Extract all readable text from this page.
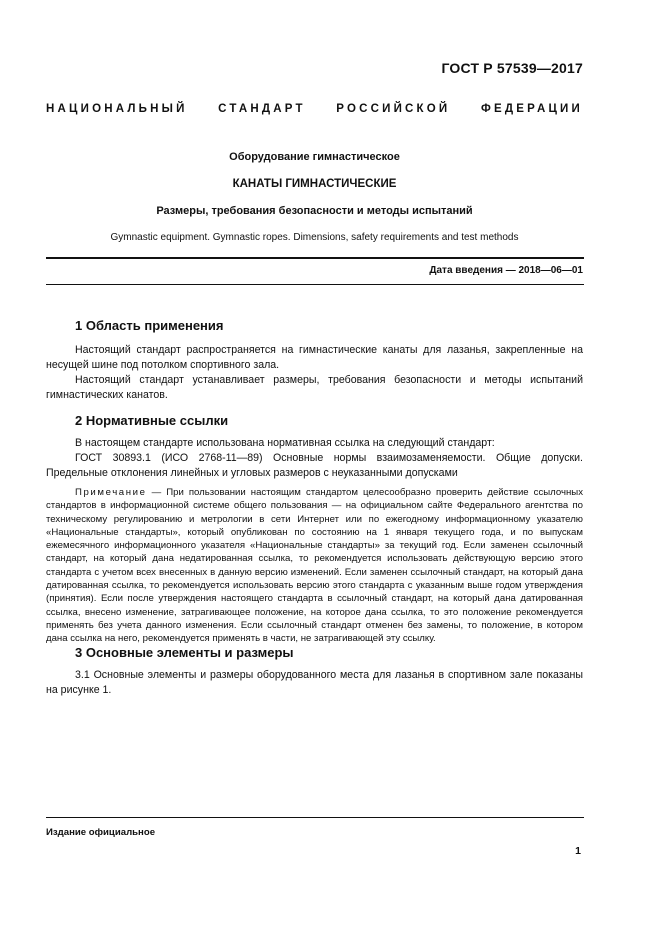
ГОСТ Р 57539—2017
НАЦИОНАЛЬНЫЙ СТАНДАРТ РОССИЙСКОЙ ФЕДЕРАЦИИ
Оборудование гимнастическое
КАНАТЫ ГИМНАСТИЧЕСКИЕ
Размеры, требования безопасности и методы испытаний
Gymnastic equipment. Gymnastic ropes. Dimensions, safety requirements and test methods
Дата введения — 2018—06—01
1 Область применения

Настоящий стандарт распространяется на гимнастические канаты для лазанья, закрепленные на несущей шине под потолком спортивного зала.

Настоящий стандарт устанавливает размеры, требования безопасности и методы испытаний гимнастических канатов.

2 Нормативные ссылки

В настоящем стандарте использована нормативная ссылка на следующий стандарт:

ГОСТ 30893.1 (ИСО 2768-11—89) Основные нормы взаимозаменяемости. Общие допуски. Предельные отклонения линейных и угловых размеров с неуказанными допусками

Примечание — При пользовании настоящим стандартом целесообразно проверить действие ссылочных стандартов в информационной системе общего пользования — на официальном сайте Федерального агентства по техническому регулированию и метрологии в сети Интернет или по ежегодному информационному указателю «Национальные стандарты», который опубликован по состоянию на 1 января текущего года, и по выпускам ежемесячного информационного указателя «Национальные стандарты» за текущий год. Если заменен ссылочный стандарт, на который дана недатированная ссылка, то рекомендуется использовать действующую версию этого стандарта с учетом всех внесенных в данную версию изменений. Если заменен ссылочный стандарт, на который дана датированная ссылка, то рекомендуется использовать версию этого стандарта с указанным выше годом утверждения (принятия). Если после утверждения настоящего стандарта в ссылочный стандарт, на который дана датированная ссылка, внесено изменение, затрагивающее положение, на которое дана ссылка, то это положение рекомендуется применять без учета данного изменения. Если ссылочный стандарт отменен без замены, то положение, в котором дана ссылка на него, рекомендуется применять в части, не затрагивающей эту ссылку.
3 Основные элементы и размеры

3.1 Основные элементы и размеры оборудованного места для лазанья в спортивном зале показаны на рисунке 1.

Издание официальное
1
